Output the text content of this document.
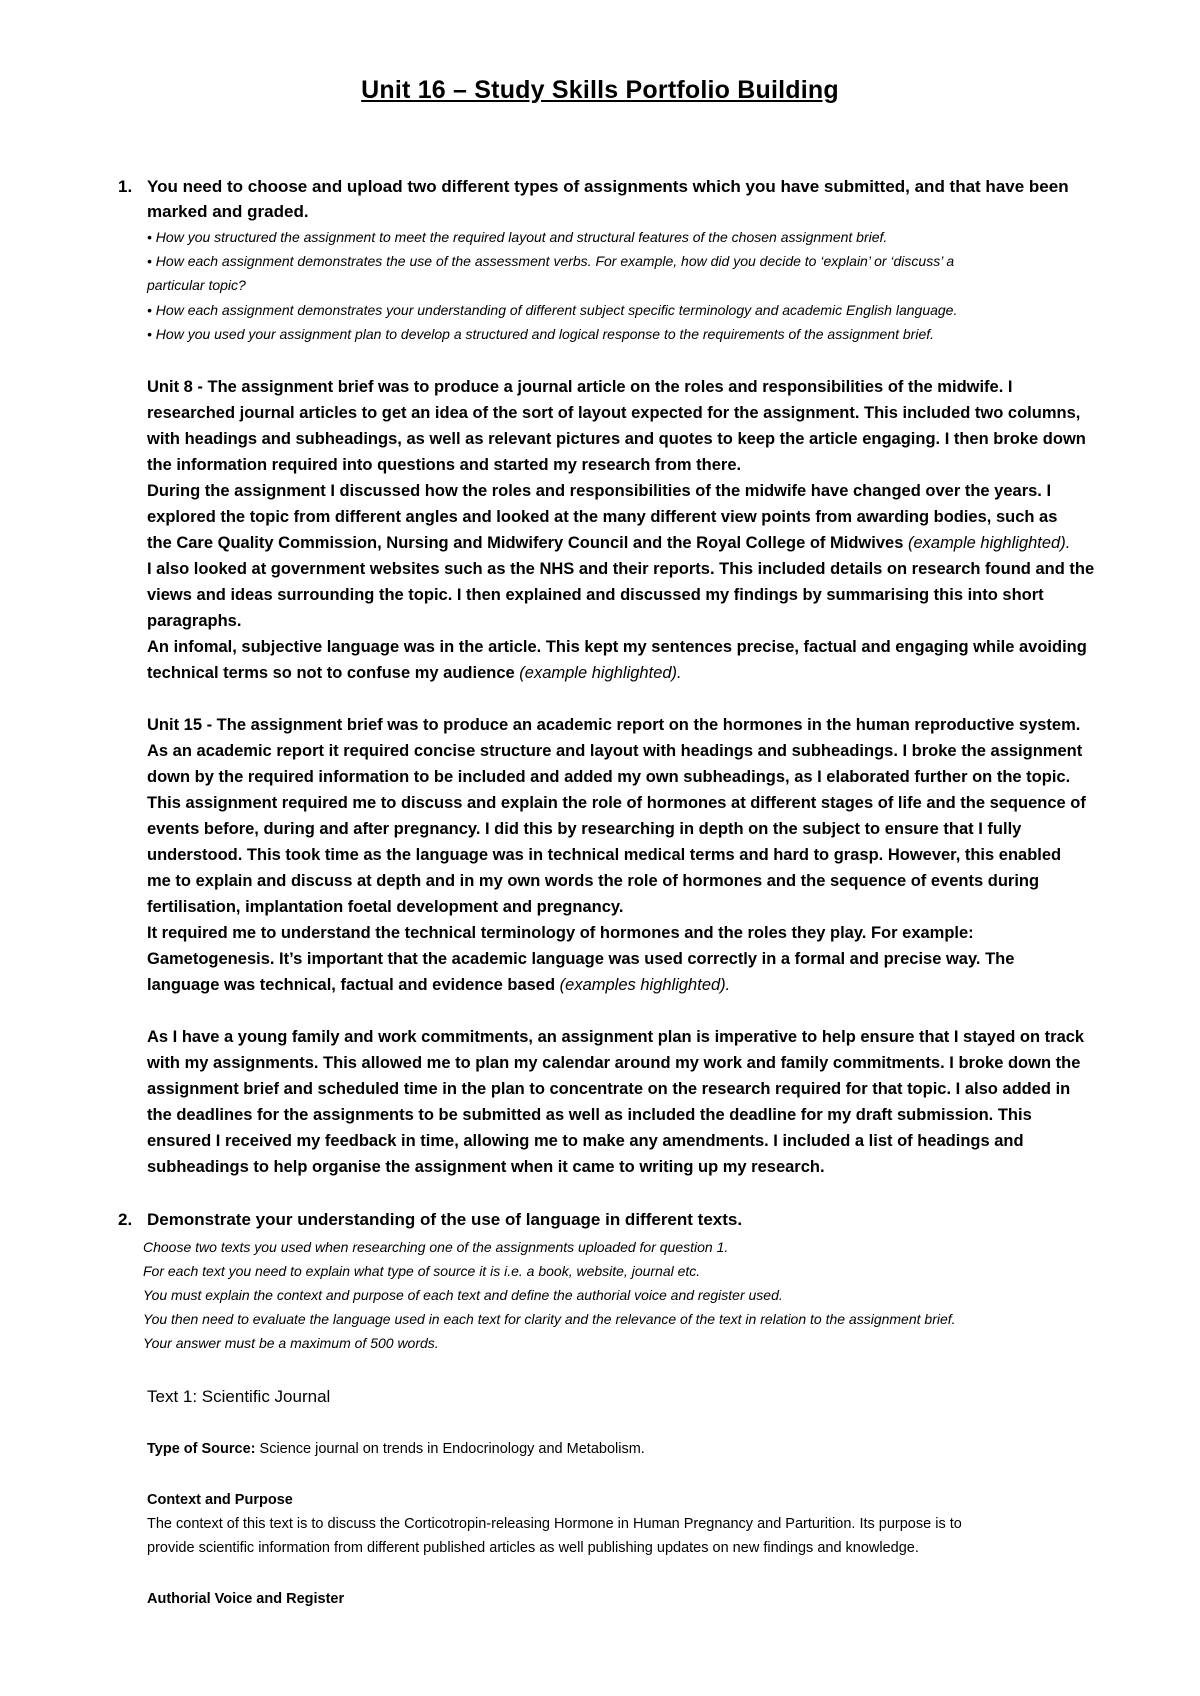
Unit 16 – Study Skills Portfolio Building
1. You need to choose and upload two different types of assignments which you have submitted, and that have been
marked and graded.
• How you structured the assignment to meet the required layout and structural features of the chosen assignment brief.
• How each assignment demonstrates the use of the assessment verbs. For example, how did you decide to ‘explain’ or ‘discuss’ a
particular topic?
• How each assignment demonstrates your understanding of different subject specific terminology and academic English language.
• How you used your assignment plan to develop a structured and logical response to the requirements of the assignment brief.
Unit 8 - The assignment brief was to produce a journal article on the roles and responsibilities of the midwife. I
researched journal articles to get an idea of the sort of layout expected for the assignment. This included two columns,
with headings and subheadings, as well as relevant pictures and quotes to keep the article engaging. I then broke down
the information required into questions and started my research from there.
During the assignment I discussed how the roles and responsibilities of the midwife have changed over the years. I
explored the topic from different angles and looked at the many different view points from awarding bodies, such as
the Care Quality Commission, Nursing and Midwifery Council and the Royal College of Midwives (example highlighted).
I also looked at government websites such as the NHS and their reports. This included details on research found and the
views and ideas surrounding the topic. I then explained and discussed my findings by summarising this into short
paragraphs.
An infomal, subjective language was in the article. This kept my sentences precise, factual and engaging while avoiding
technical terms so not to confuse my audience (example highlighted).
Unit 15 - The assignment brief was to produce an academic report on the hormones in the human reproductive system.
As an academic report it required concise structure and layout with headings and subheadings. I broke the assignment
down by the required information to be included and added my own subheadings, as I elaborated further on the topic.
This assignment required me to discuss and explain the role of hormones at different stages of life and the sequence of
events before, during and after pregnancy. I did this by researching in depth on the subject to ensure that I fully
understood. This took time as the language was in technical medical terms and hard to grasp. However, this enabled
me to explain and discuss at depth and in my own words the role of hormones and the sequence of events during
fertilisation, implantation foetal development and pregnancy.
It required me to understand the technical terminology of hormones and the roles they play. For example:
Gametogenesis. It’s important that the academic language was used correctly in a formal and precise way. The
language was technical, factual and evidence based (examples highlighted).
As I have a young family and work commitments, an assignment plan is imperative to help ensure that I stayed on track
with my assignments. This allowed me to plan my calendar around my work and family commitments. I broke down the
assignment brief and scheduled time in the plan to concentrate on the research required for that topic. I also added in
the deadlines for the assignments to be submitted as well as included the deadline for my draft submission. This
ensured I received my feedback in time, allowing me to make any amendments. I included a list of headings and
subheadings to help organise the assignment when it came to writing up my research.
2. Demonstrate your understanding of the use of language in different texts.
Choose two texts you used when researching one of the assignments uploaded for question 1.
For each text you need to explain what type of source it is i.e. a book, website, journal etc.
You must explain the context and purpose of each text and define the authorial voice and register used.
You then need to evaluate the language used in each text for clarity and the relevance of the text in relation to the assignment brief.
Your answer must be a maximum of 500 words.
Text 1: Scientific Journal
Type of Source: Science journal on trends in Endocrinology and Metabolism.
Context and Purpose
The context of this text is to discuss the Corticotropin-releasing Hormone in Human Pregnancy and Parturition. Its purpose is to
provide scientific information from different published articles as well publishing updates on new findings and knowledge.
Authorial Voice and Register
